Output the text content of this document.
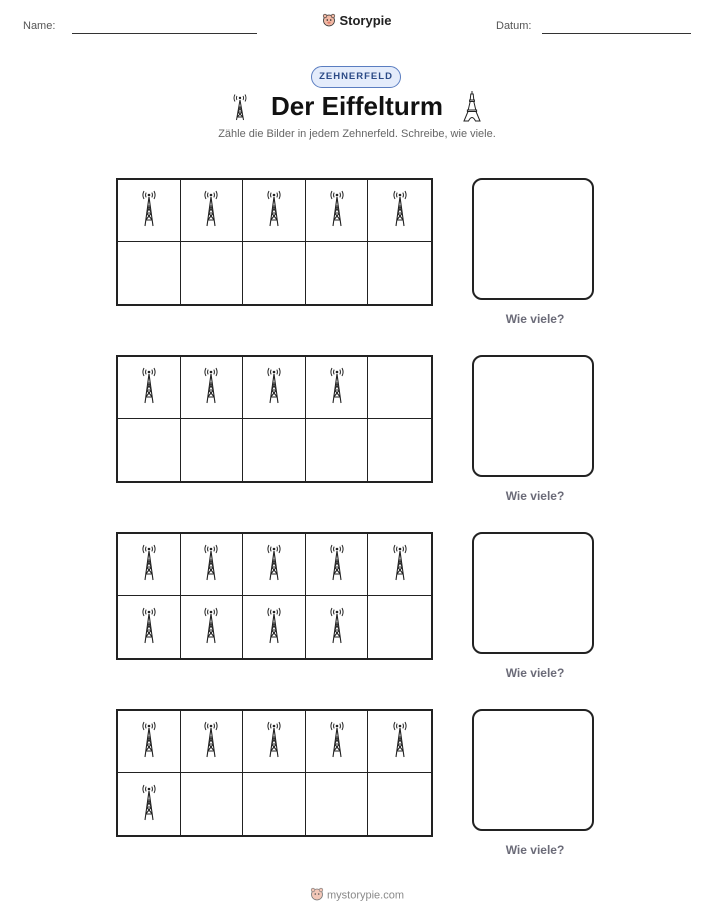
Name:	Storypie	Datum:
ZEHNERFELD
Der Eiffelturm
Zähle die Bilder in jedem Zehnerfeld. Schreibe, wie viele.
Wie viele?
Wie viele?
Wie viele?
Wie viele?
mystorypie.com
